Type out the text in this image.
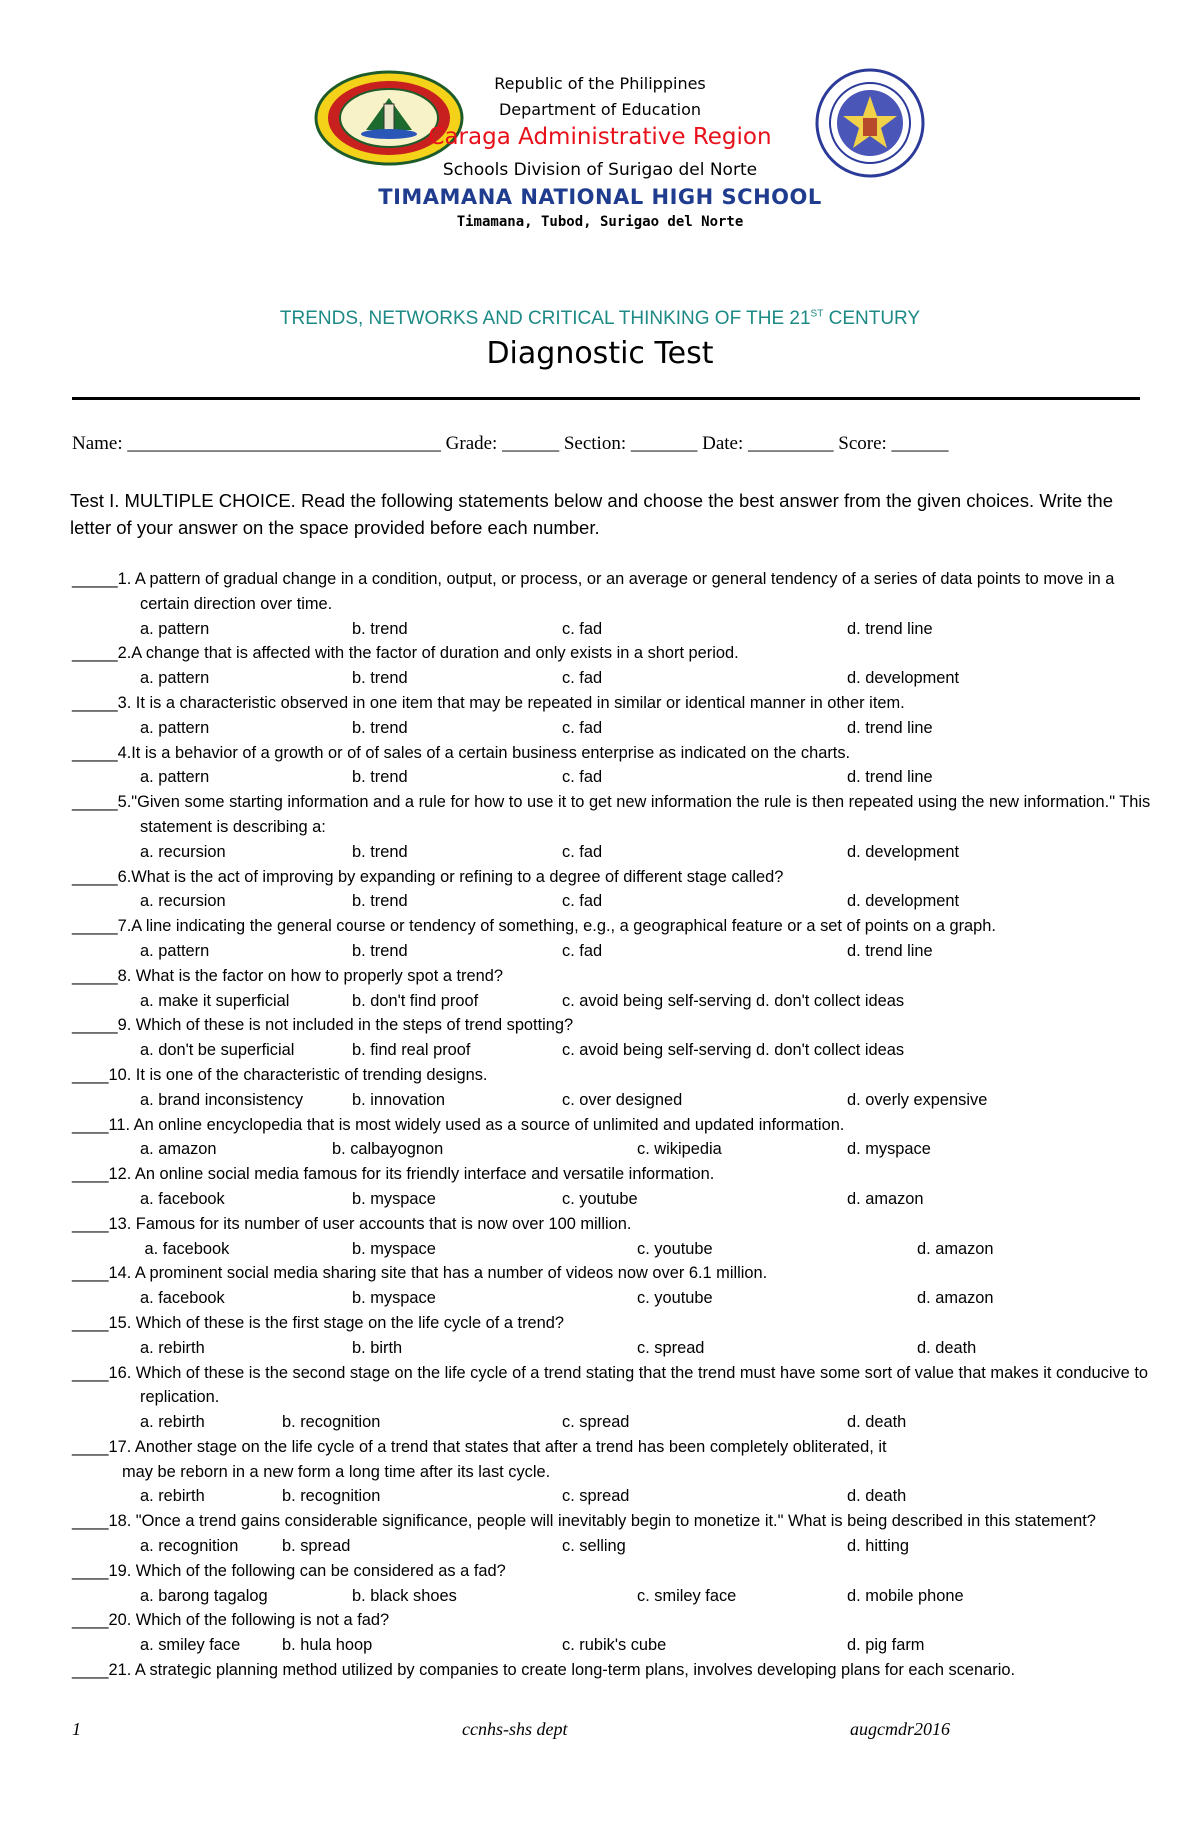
Republic of the Philippines
Department of Education
Caraga Administrative Region
Schools Division of Surigao del Norte
TIMAMANA NATIONAL HIGH SCHOOL
Timamana, Tubod, Surigao del Norte
TRENDS, NETWORKS AND CRITICAL THINKING OF THE 21ST CENTURY
Diagnostic Test
Name: _________________________________ Grade: ______ Section: _______ Date: _________ Score: ______
Test I. MULTIPLE CHOICE. Read the following statements below and choose the best answer from the given choices. Write the letter of your answer on the space provided before each number.
_____1. A pattern of gradual change in a condition, output, or process, or an average or general tendency of a series of data points to move in a certain direction over time.
a. pattern	b. trend	c. fad	d. trend line
_____2.A change that is affected with the factor of duration and only exists in a short period.
a. pattern	b. trend	c. fad	d. development
_____3. It is a characteristic observed in one item that may be repeated in similar or identical manner in other item.
a. pattern	b. trend	c. fad	d. trend line
_____4.It is a behavior of a growth or of of sales of a certain business enterprise as indicated on the charts.
a. pattern	b. trend	c. fad	d. trend line
_____5."Given some starting information and a rule for how to use it to get new information the rule is then repeated using the new information." This statement is describing a:
a. recursion	b. trend	c. fad	d. development
_____6.What is the act of improving by expanding or refining to a degree of different stage called?
a. recursion	b. trend	c. fad	d. development
_____7.A line indicating the general course or tendency of something, e.g., a geographical feature or a set of points on a graph.
a. pattern	b. trend	c. fad	d. trend line
_____8. What is the factor on how to properly spot a trend?
a. make it superficial	b. don't find proof	c. avoid being self-serving d. don't collect ideas
_____9. Which of these is not included in the steps of trend spotting?
a. don't be superficial	b. find real proof	c. avoid being self-serving d. don't collect ideas
____10. It is one of the characteristic of trending designs.
a. brand inconsistency	b. innovation	c. over designed	d. overly expensive
____11. An online encyclopedia that is most widely used as a source of unlimited and updated information.
a. amazon	b. calbayognon	c. wikipedia	d. myspace
____12. An online social media famous for its friendly interface and versatile information.
a. facebook	b. myspace	c. youtube	d. amazon
____13. Famous for its number of user accounts that is now over 100 million.
a. facebook	b. myspace	c. youtube	d. amazon
____14. A prominent social media sharing site that has a number of videos now over 6.1 million.
a. facebook	b. myspace	c. youtube	d. amazon
____15. Which of these is the first stage on the life cycle of a trend?
a. rebirth	b. birth	c. spread	d. death
____16. Which of these is the second stage on the life cycle of a trend stating that the trend must have some sort of value that makes it conducive to replication.
a. rebirth	b. recognition	c. spread	d. death
____17. Another stage on the life cycle of a trend that states that after a trend has been completely obliterated, it
may be reborn in a new form a long time after its last cycle.
a. rebirth	b. recognition	c. spread	d. death
____18. "Once a trend gains considerable significance, people will inevitably begin to monetize it." What is being described in this statement?
a. recognition	b. spread	c. selling	d. hitting
____19. Which of the following can be considered as a fad?
a. barong tagalog	b. black shoes	c. smiley face	d. mobile phone
____20. Which of the following is not a fad?
a. smiley face	b. hula hoop	c. rubik's cube	d. pig farm
____21. A strategic planning method utilized by companies to create long-term plans, involves developing plans for each scenario.
1	ccnhs-shs dept	augcmdr2016
